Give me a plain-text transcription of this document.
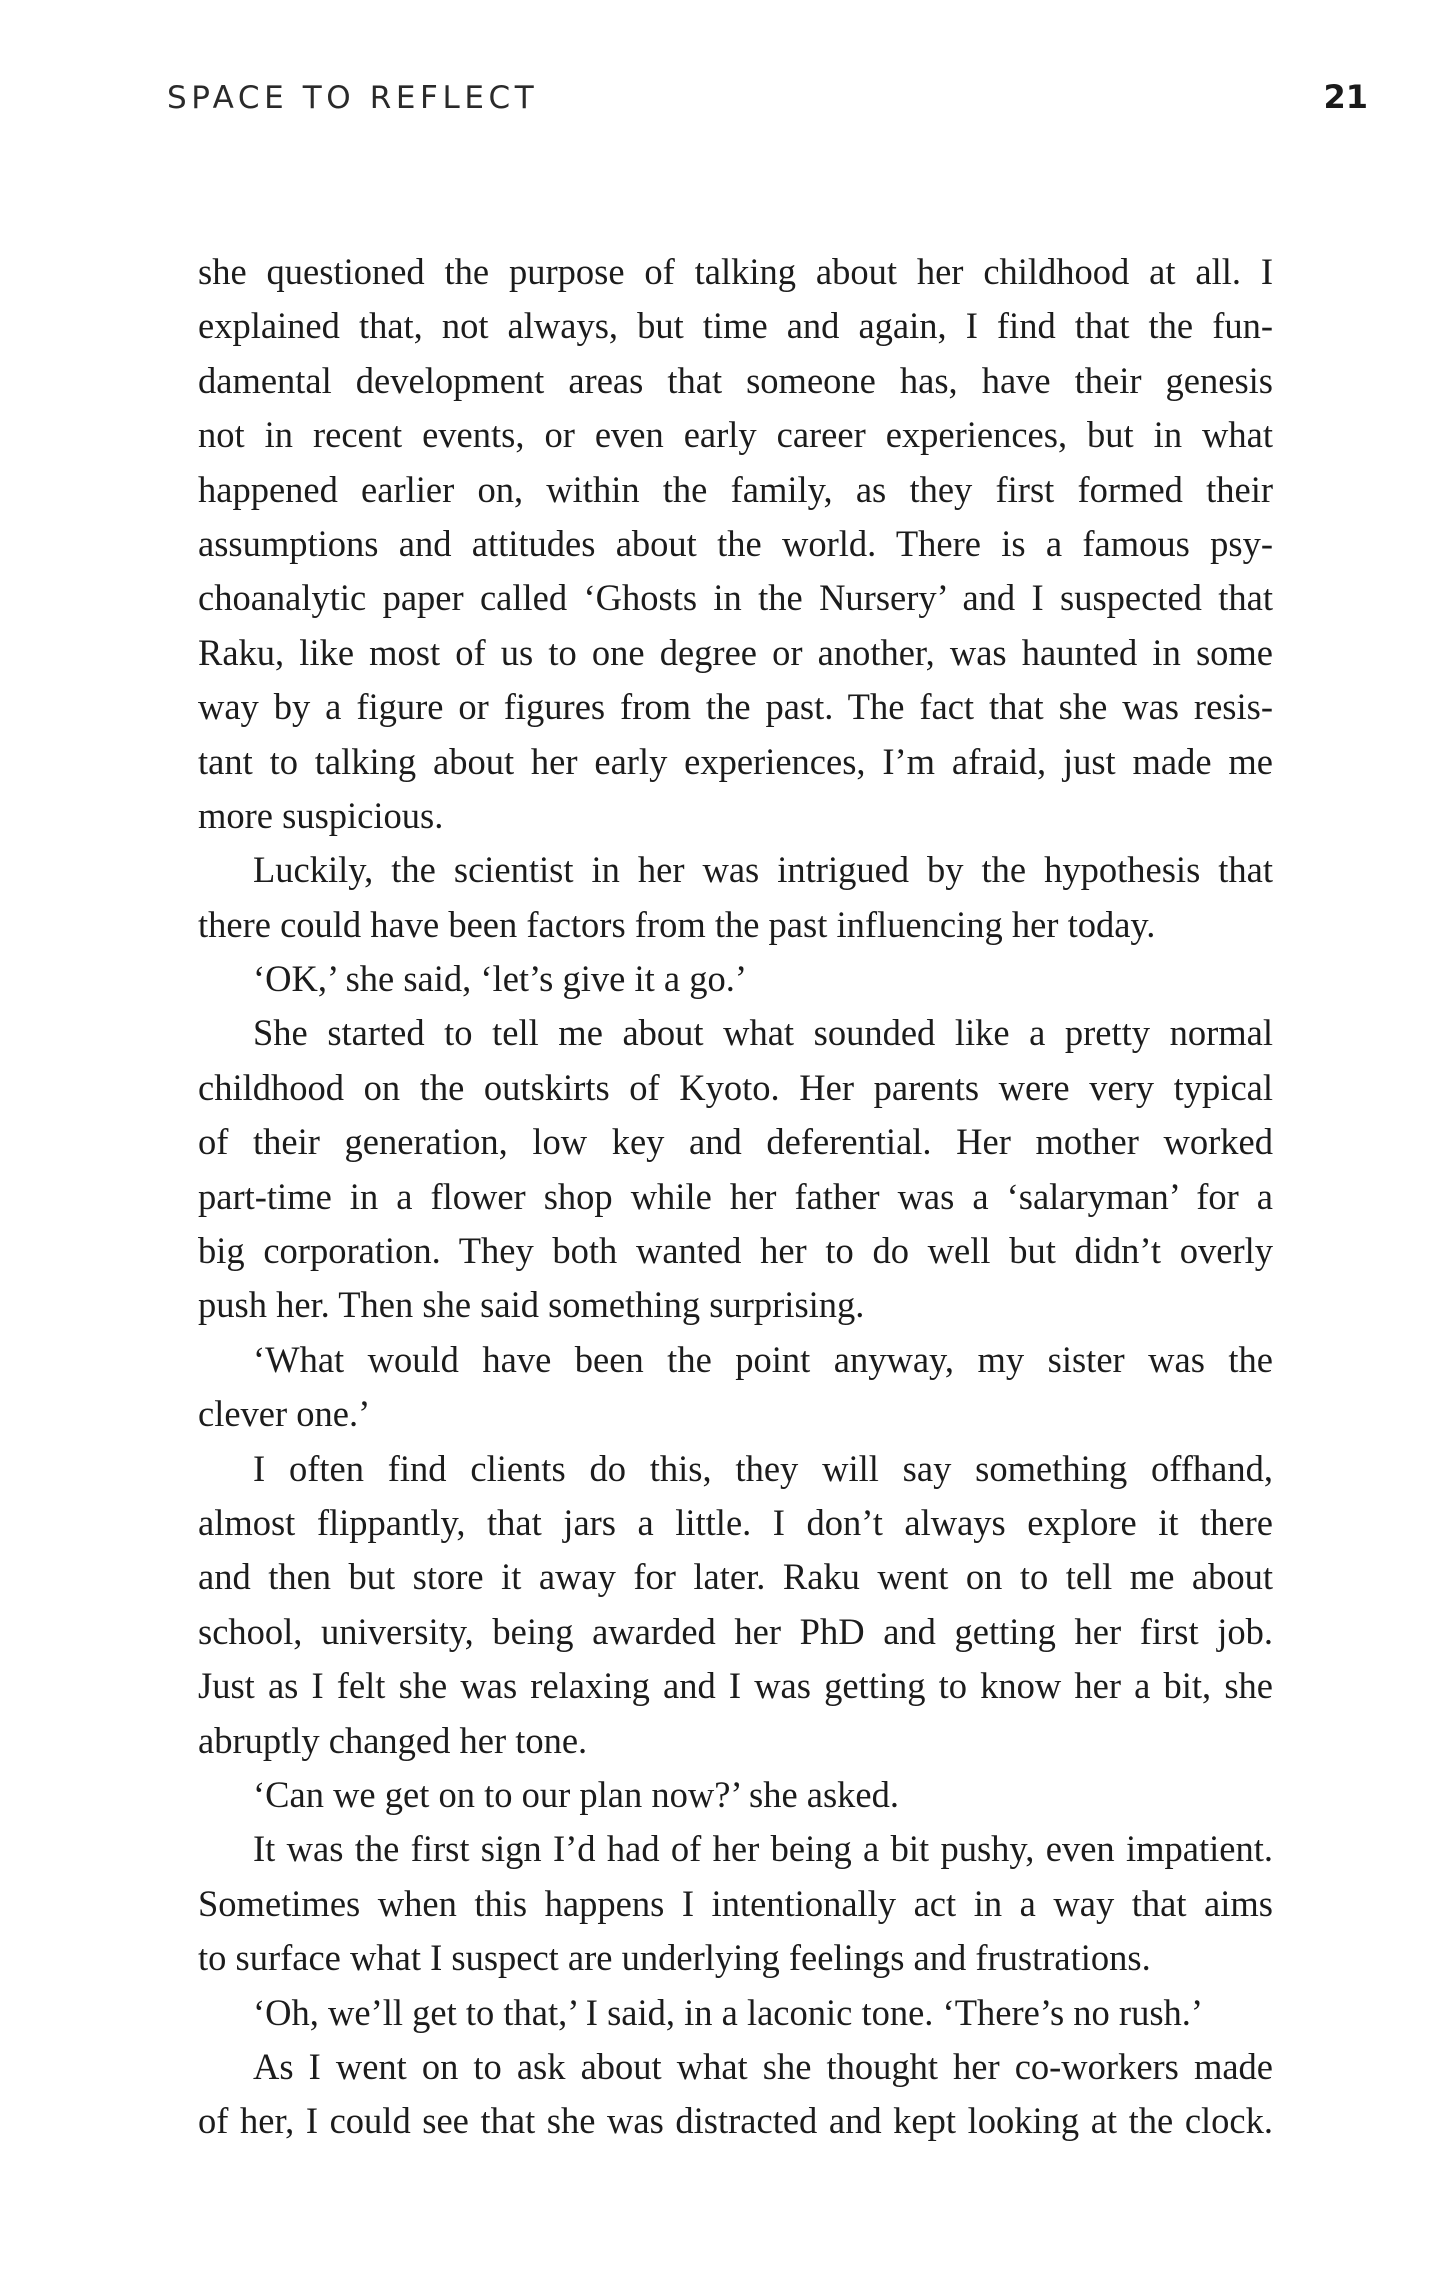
SPACE TO REFLECT	21
she questioned the purpose of talking about her childhood at all. I
explained that, not always, but time and again, I find that the fun-
damental development areas that someone has, have their genesis
not in recent events, or even early career experiences, but in what
happened earlier on, within the family, as they first formed their
assumptions and attitudes about the world. There is a famous psy-
choanalytic paper called ‘Ghosts in the Nursery’ and I suspected that
Raku, like most of us to one degree or another, was haunted in some
way by a figure or figures from the past. The fact that she was resis-
tant to talking about her early experiences, I’m afraid, just made me
more suspicious.
Luckily, the scientist in her was intrigued by the hypothesis that
there could have been factors from the past influencing her today.
‘OK,’ she said, ‘let’s give it a go.’
She started to tell me about what sounded like a pretty normal
childhood on the outskirts of Kyoto. Her parents were very typical
of their generation, low key and deferential. Her mother worked
part-time in a flower shop while her father was a ‘salaryman’ for a
big corporation. They both wanted her to do well but didn’t overly
push her. Then she said something surprising.
‘What would have been the point anyway, my sister was the
clever one.’
I often find clients do this, they will say something offhand,
almost flippantly, that jars a little. I don’t always explore it there
and then but store it away for later. Raku went on to tell me about
school, university, being awarded her PhD and getting her first job.
Just as I felt she was relaxing and I was getting to know her a bit, she
abruptly changed her tone.
‘Can we get on to our plan now?’ she asked.
It was the first sign I’d had of her being a bit pushy, even impatient.
Sometimes when this happens I intentionally act in a way that aims
to surface what I suspect are underlying feelings and frustrations.
‘Oh, we’ll get to that,’ I said, in a laconic tone. ‘There’s no rush.’
As I went on to ask about what she thought her co-workers made
of her, I could see that she was distracted and kept looking at the clock.
